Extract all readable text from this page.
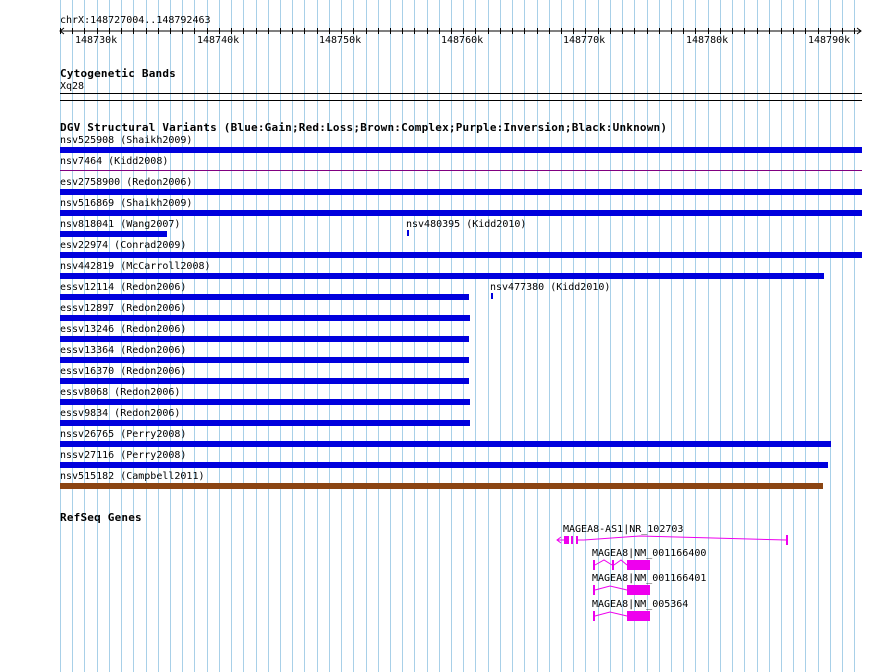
chrX:148727004..148792463
148730k	148740k	148750k	148760k	148770k	148780k	148790k
Cytogenetic Bands
Xq28
DGV Structural Variants (Blue:Gain;Red:Loss;Brown:Complex;Purple:Inversion;Black:Unknown)
nsv525908 (Shaikh2009)
nsv7464 (Kidd2008)
esv2758900 (Redon2006)
nsv516869 (Shaikh2009)
nsv818041 (Wang2007)	nsv480395 (Kidd2010)
esv22974 (Conrad2009)
nsv442819 (McCarroll2008)
essv12114 (Redon2006)	nsv477380 (Kidd2010)
essv12897 (Redon2006)
essv13246 (Redon2006)
essv13364 (Redon2006)
essv16370 (Redon2006)
essv8068 (Redon2006)
essv9834 (Redon2006)
nssv26765 (Perry2008)
nssv27116 (Perry2008)
nsv515182 (Campbell2011)
RefSeq Genes
MAGEA8-AS1|NR_102703
MAGEA8|NM_001166400
MAGEA8|NM_001166401
MAGEA8|NM_005364
